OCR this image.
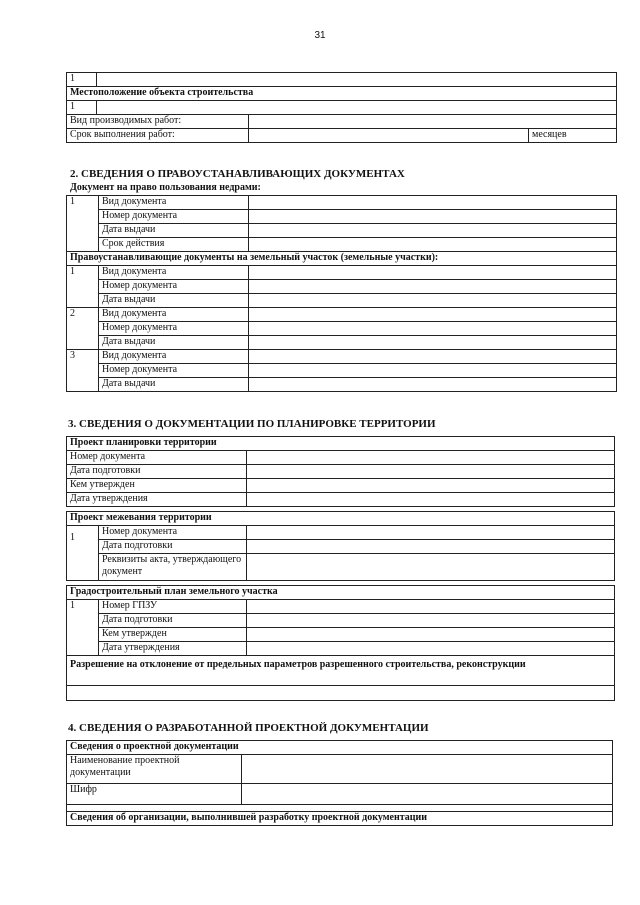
31
1			
Местоположение объекта строительства			
1			
Вид производимых работ:			
Срок выполнения работ:			месяцев
2. СВЕДЕНИЯ О ПРАВОУСТАНАВЛИВАЮЩИХ ДОКУМЕНТАХ
Документ на право пользования недрами:
1	Вид документа	
	Номер документа	
	Дата выдачи	
	Срок действия	
Правоустанавливающие документы на земельный участок (земельные участки):		
1	Вид документа	
	Номер документа	
	Дата выдачи	
2	Вид документа	
	Номер документа	
	Дата выдачи	
3	Вид документа	
	Номер документа	
	Дата выдачи	
3. СВЕДЕНИЯ О ДОКУМЕНТАЦИИ ПО ПЛАНИРОВКЕ ТЕРРИТОРИИ
Проект планировки территории		
Номер документа		
Дата подготовки		
Кем утвержден		
Дата утверждения		

Проект межевания территории		
1	Номер документа	
	Дата подготовки	
	Реквизиты акта, утверждающего документ	

Градостроительный план земельного участка		
1	Номер ГПЗУ	
	Дата подготовки	
	Кем утвержден	
	Дата утверждения	
Разрешение на отклонение от предельных параметров разрешенного строительства, реконструкции		

4. СВЕДЕНИЯ О РАЗРАБОТАННОЙ ПРОЕКТНОЙ ДОКУМЕНТАЦИИ
Сведения о проектной документации	
Наименование проектной документации	
Шифр	

Сведения об организации, выполнившей разработку проектной документации	
